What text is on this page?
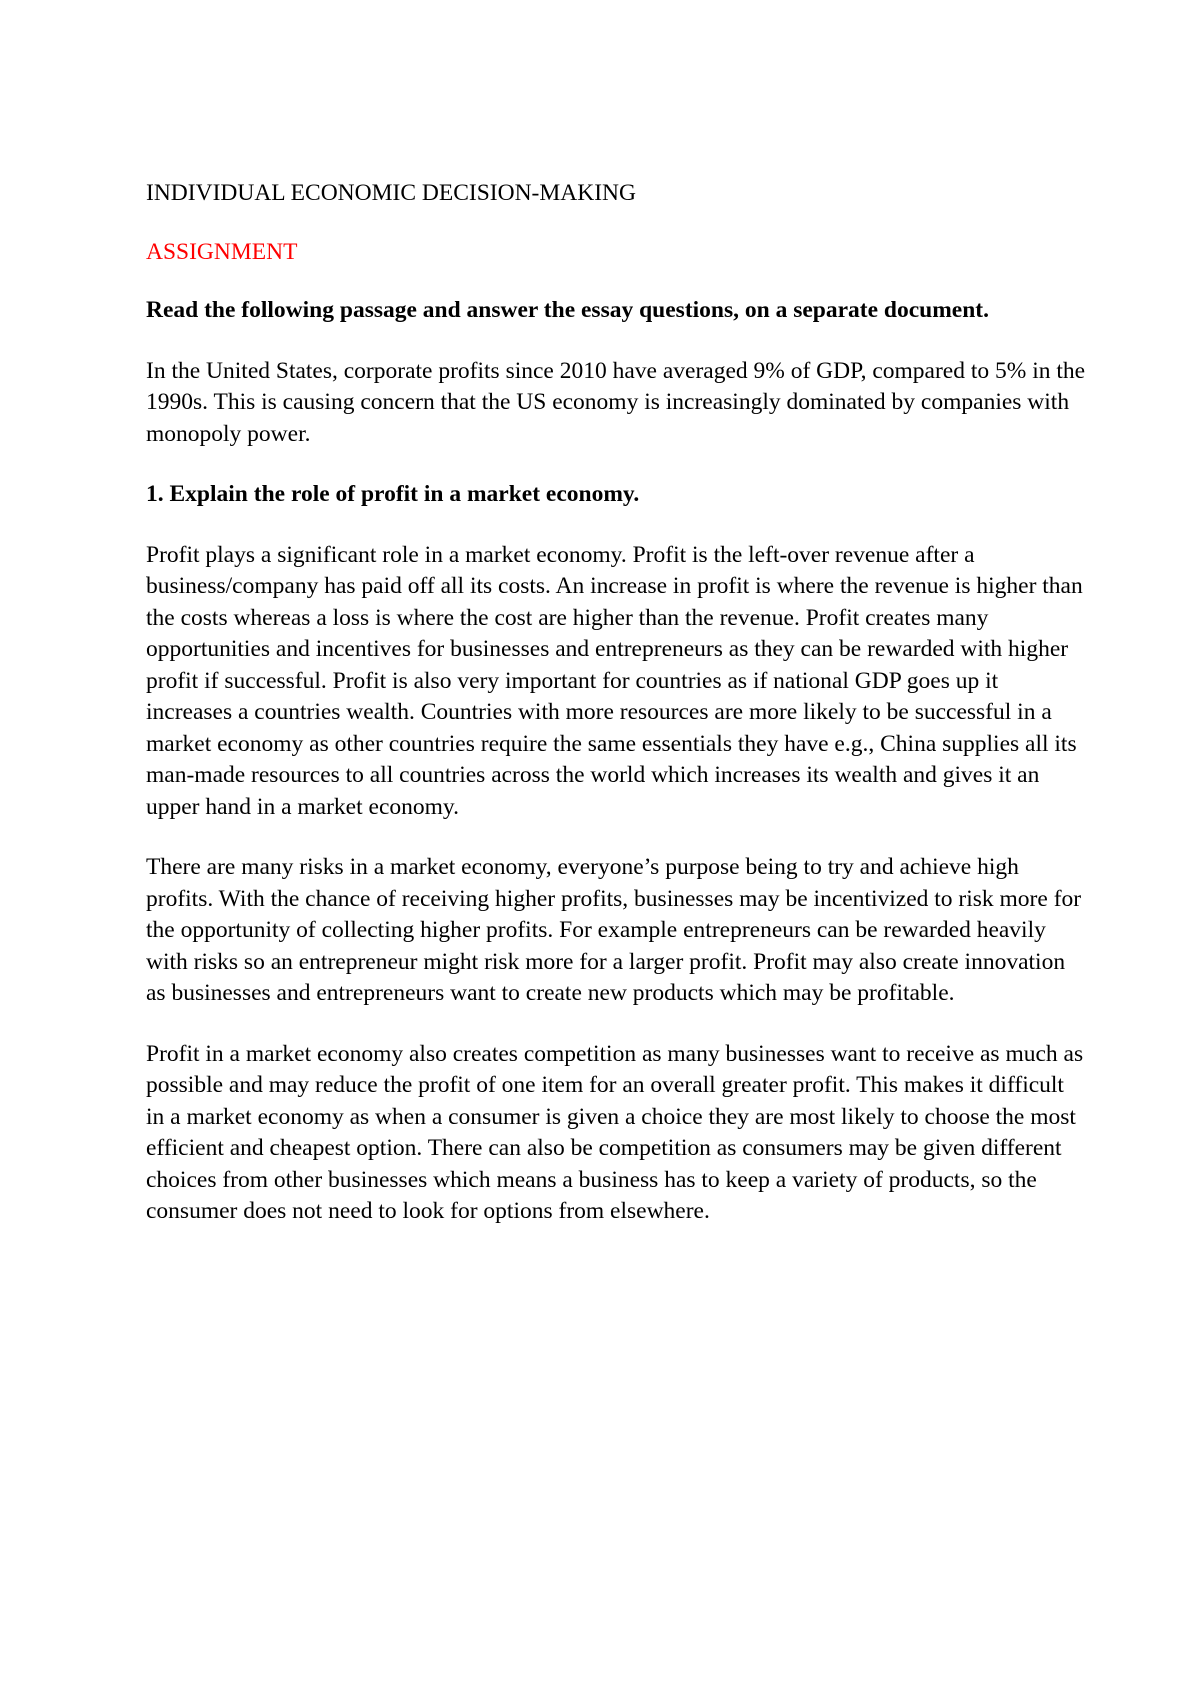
INDIVIDUAL ECONOMIC DECISION-MAKING

ASSIGNMENT

Read the following passage and answer the essay questions, on a separate document.

In the United States, corporate profits since 2010 have averaged 9% of GDP, compared to 5% in the 1990s. This is causing concern that the US economy is increasingly dominated by companies with monopoly power.

1. Explain the role of profit in a market economy.

Profit plays a significant role in a market economy. Profit is the left-over revenue after a business/company has paid off all its costs. An increase in profit is where the revenue is higher than the costs whereas a loss is where the cost are higher than the revenue. Profit creates many opportunities and incentives for businesses and entrepreneurs as they can be rewarded with higher profit if successful. Profit is also very important for countries as if national GDP goes up it increases a countries wealth. Countries with more resources are more likely to be successful in a market economy as other countries require the same essentials they have e.g., China supplies all its man-made resources to all countries across the world which increases its wealth and gives it an upper hand in a market economy.

There are many risks in a market economy, everyone’s purpose being to try and achieve high profits. With the chance of receiving higher profits, businesses may be incentivized to risk more for the opportunity of collecting higher profits. For example entrepreneurs can be rewarded heavily with risks so an entrepreneur might risk more for a larger profit. Profit may also create innovation as businesses and entrepreneurs want to create new products which may be profitable.

Profit in a market economy also creates competition as many businesses want to receive as much as possible and may reduce the profit of one item for an overall greater profit. This makes it difficult in a market economy as when a consumer is given a choice they are most likely to choose the most efficient and cheapest option. There can also be competition as consumers may be given different choices from other businesses which means a business has to keep a variety of products, so the consumer does not need to look for options from elsewhere.
